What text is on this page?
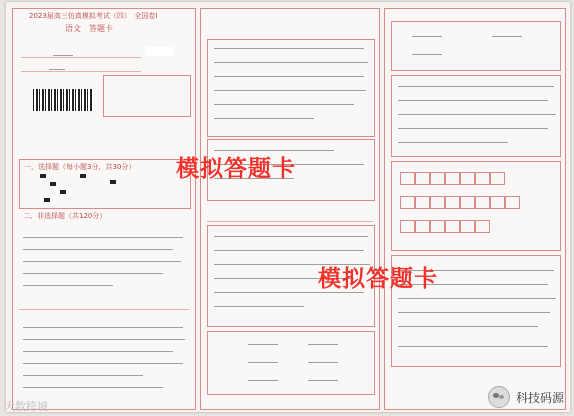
2023届高三仿真模拟考试（四）　全国卷Ⅰ
语文　答题卡
一、选择题（每小题3分，共30分）
二、非选择题（共120分）
模拟答题卡
模拟答题卡
大数跨境
科技码源
